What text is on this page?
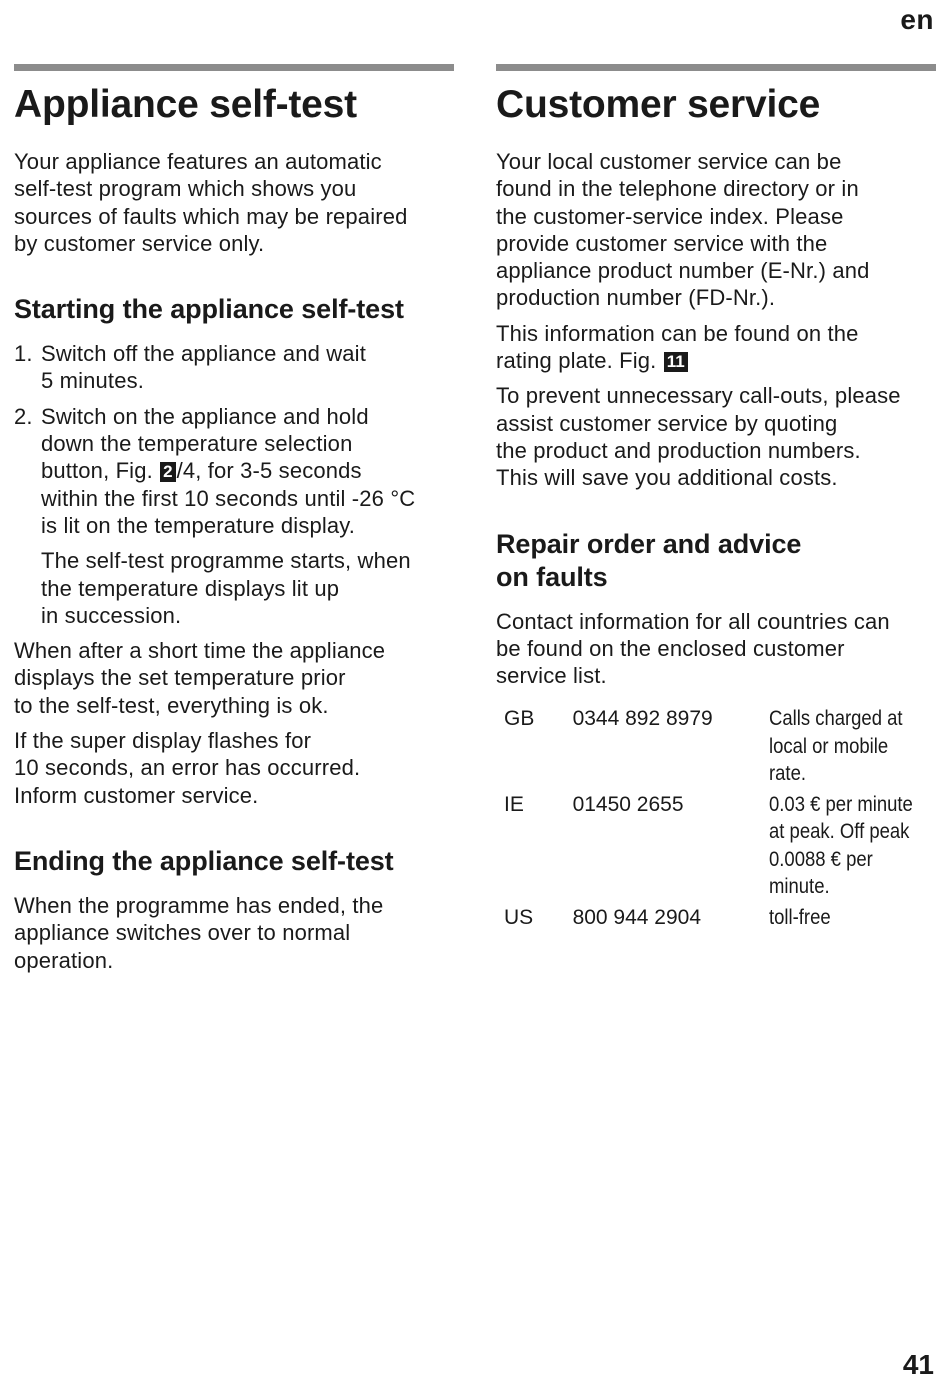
en
Appliance self-test

Your appliance features an automatic
self-test program which shows you
sources of faults which may be repaired
by customer service only.

Starting the appliance self-test
1. Switch off the appliance and wait
5 minutes.
2. Switch on the appliance and hold
down the temperature selection
button, Fig. 2 /4, for 3-5 seconds
within the first 10 seconds until -26 °C
is lit on the temperature display.

The self-test programme starts, when
the temperature displays lit up
in succession.

When after a short time the appliance
displays the set temperature prior
to the self-test, everything is ok.

If the super display flashes for
10 seconds, an error has occurred.
Inform customer service.

Ending the appliance self-test

When the programme has ended, the
appliance switches over to normal
operation.

Customer service

Your local customer service can be
found in the telephone directory or in
the customer-service index. Please
provide customer service with the
appliance product number (E-Nr.) and
production number (FD-Nr.).

This information can be found on the
rating plate. Fig. 11

To prevent unnecessary call-outs, please
assist customer service by quoting
the product and production numbers.
This will save you additional costs.

Repair order and advice
on faults

Contact information for all countries can
be found on the enclosed customer
service list.

GB	0344 892 8979	Calls charged at
local or mobile rate.
IE	01450 2655	0.03 € per minute
at peak. Off peak
0.0088 € per
minute.
US	800 944 2904	toll-free
41
